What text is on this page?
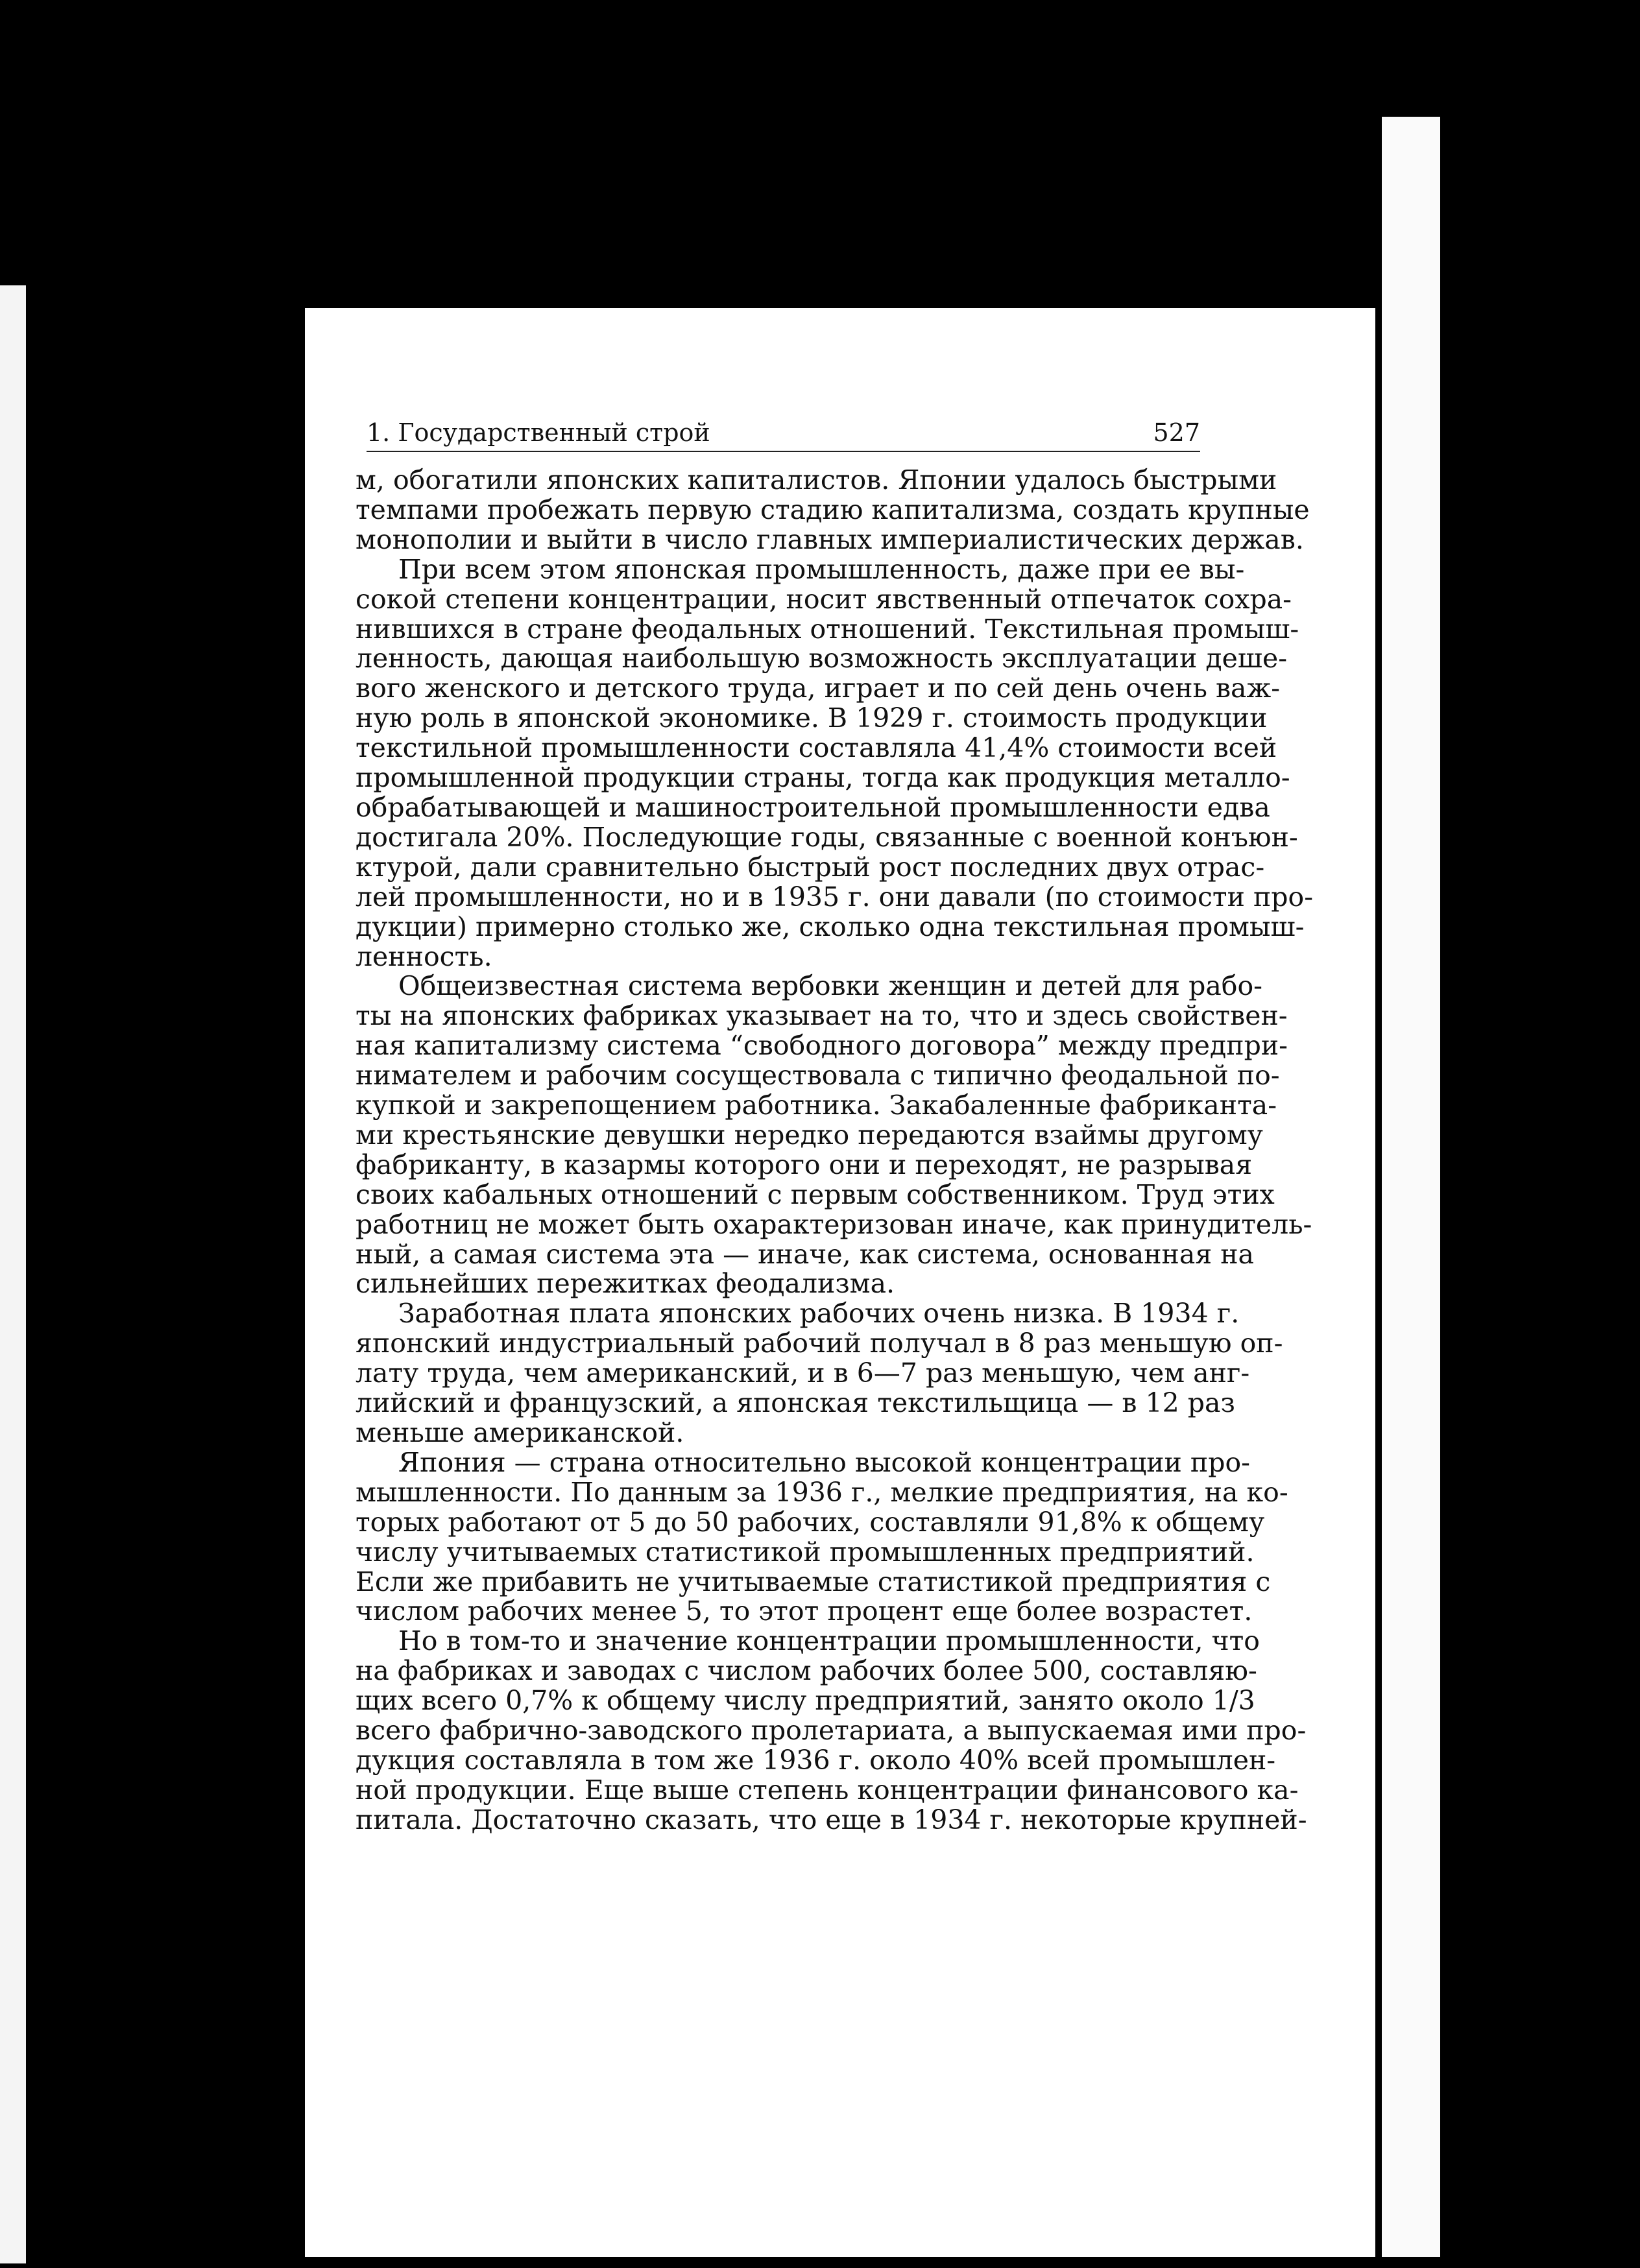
1. Государственный строй	527

м, обогатили японских капиталистов. Японии удалось быстрыми
темпами пробежать первую стадию капитализма, создать крупные
монополии и выйти в число главных империалистических держав.

При всем этом японская промышленность, даже при ее вы-
сокой степени концентрации, носит явственный отпечаток сохра-
нившихся в стране феодальных отношений. Текстильная промыш-
ленность, дающая наибольшую возможность эксплуатации деше-
вого женского и детского труда, играет и по сей день очень важ-
ную роль в японской экономике. В 1929 г. стоимость продукции
текстильной промышленности составляла 41,4% стоимости всей
промышленной продукции страны, тогда как продукция металло-
обрабатывающей и машиностроительной промышленности едва
достигала 20%. Последующие годы, связанные с военной конъюн-
ктурой, дали сравнительно быстрый рост последних двух отрас-
лей промышленности, но и в 1935 г. они давали (по стоимости про-
дукции) примерно столько же, сколько одна текстильная промыш-
ленность.

Общеизвестная система вербовки женщин и детей для рабо-
ты на японских фабриках указывает на то, что и здесь свойствен-
ная капитализму система “свободного договора” между предпри-
нимателем и рабочим сосуществовала с типично феодальной по-
купкой и закрепощением работника. Закабаленные фабриканта-
ми крестьянские девушки нередко передаются взаймы другому
фабриканту, в казармы которого они и переходят, не разрывая
своих кабальных отношений с первым собственником. Труд этих
работниц не может быть охарактеризован иначе, как принудитель-
ный, а самая система эта — иначе, как система, основанная на
сильнейших пережитках феодализма.

Заработная плата японских рабочих очень низка. В 1934 г.
японский индустриальный рабочий получал в 8 раз меньшую оп-
лату труда, чем американский, и в 6—7 раз меньшую, чем анг-
лийский и французский, а японская текстильщица — в 12 раз
меньше американской.

Япония — страна относительно высокой концентрации про-
мышленности. По данным за 1936 г., мелкие предприятия, на ко-
торых работают от 5 до 50 рабочих, составляли 91,8% к общему
числу учитываемых статистикой промышленных предприятий.
Если же прибавить не учитываемые статистикой предприятия с
числом рабочих менее 5, то этот процент еще более возрастет.

Но в том-то и значение концентрации промышленности, что
на фабриках и заводах с числом рабочих более 500, составляю-
щих всего 0,7% к общему числу предприятий, занято около 1/3
всего фабрично-заводского пролетариата, а выпускаемая ими про-
дукция составляла в том же 1936 г. около 40% всей промышлен-
ной продукции. Еще выше степень концентрации финансового ка-
питала. Достаточно сказать, что еще в 1934 г. некоторые крупней-
